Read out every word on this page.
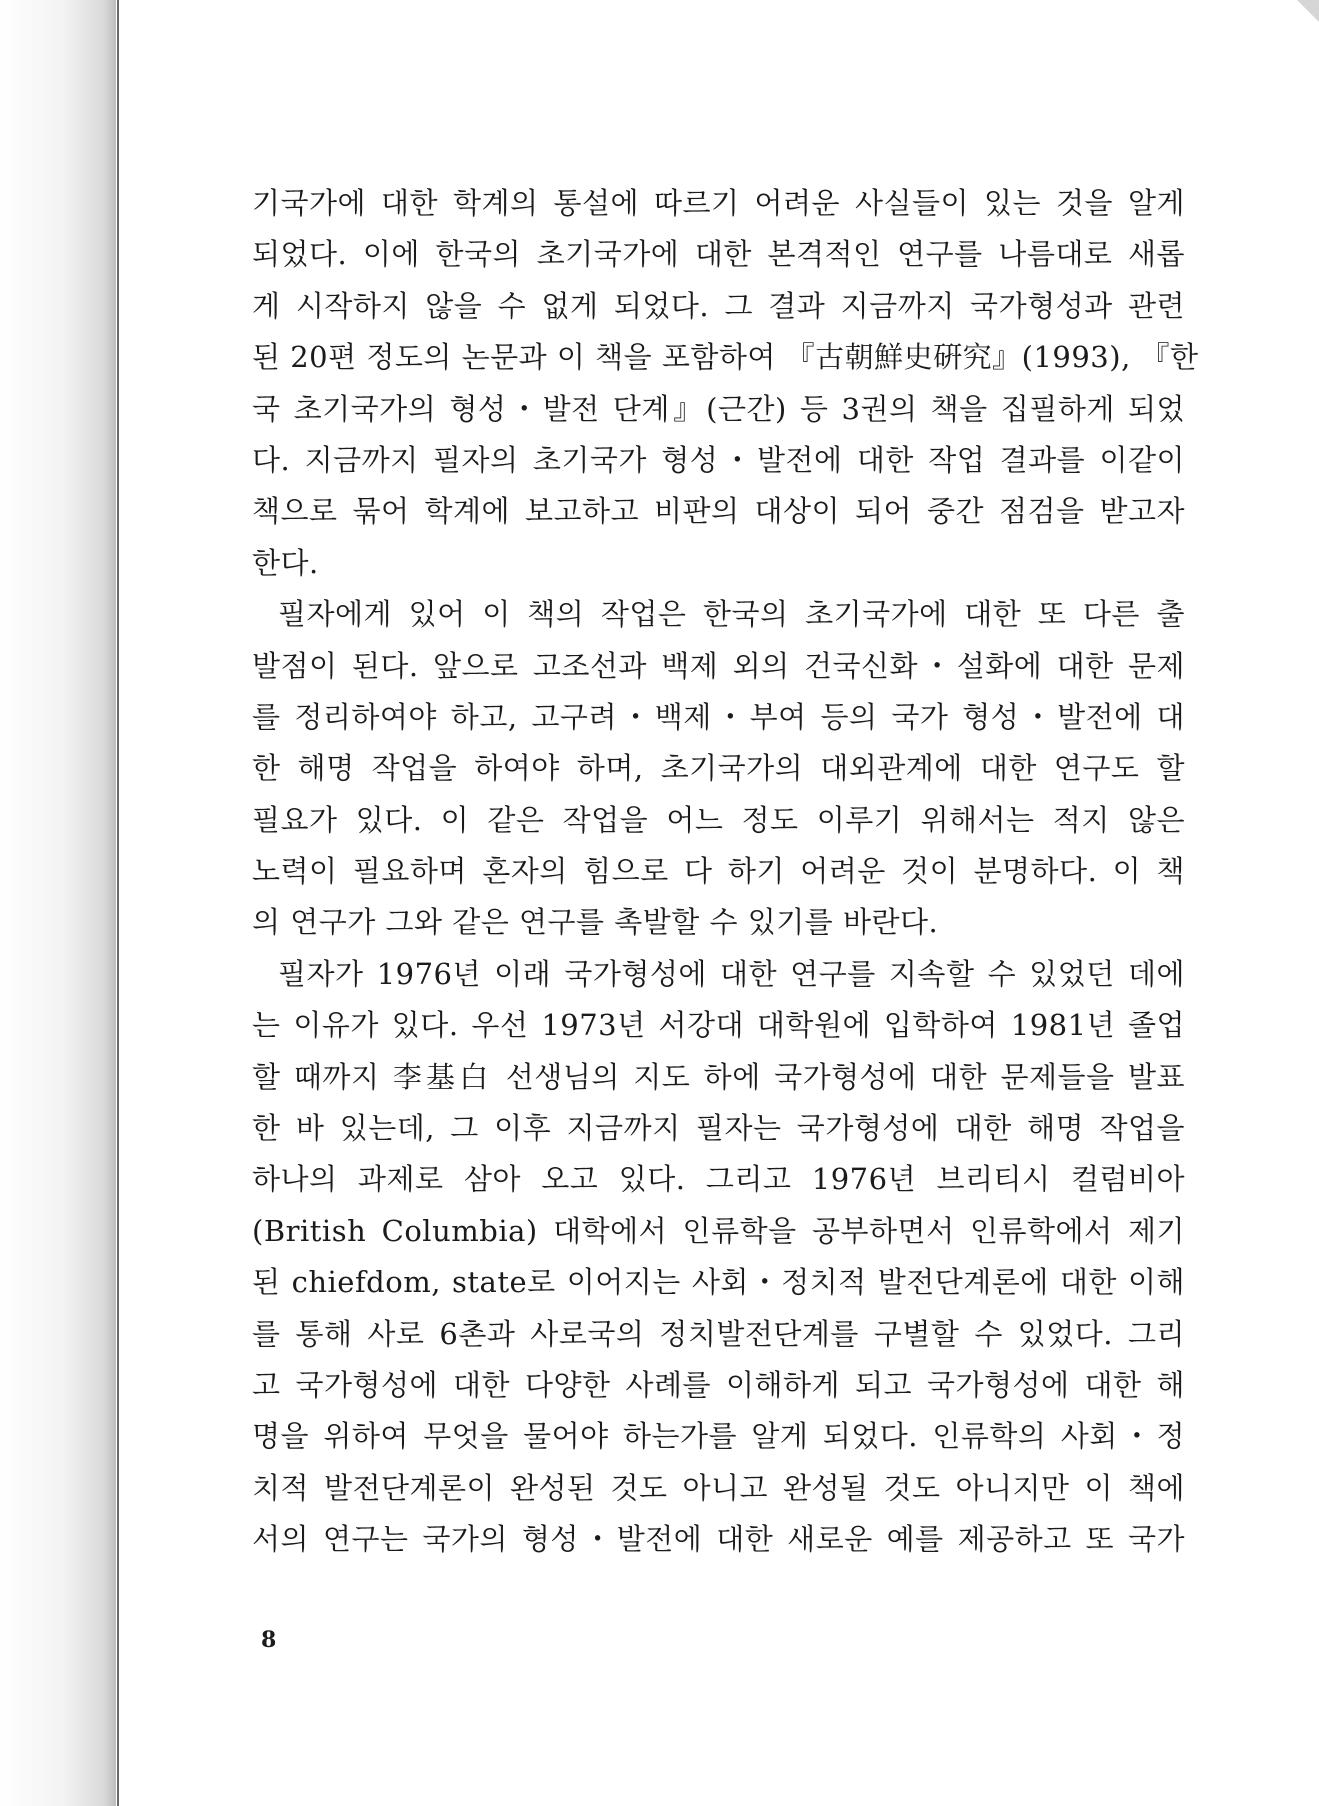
기국가에 대한 학계의 통설에 따르기 어려운 사실들이 있는 것을 알게
되었다. 이에 한국의 초기국가에 대한 본격적인 연구를 나름대로 새롭
게 시작하지 않을 수 없게 되었다. 그 결과 지금까지 국가형성과 관련
된 20편 정도의 논문과 이 책을 포함하여 『古朝鮮史硏究』(1993), 『한
국 초기국가의 형성・발전 단계』(근간) 등 3권의 책을 집필하게 되었
다. 지금까지 필자의 초기국가 형성・발전에 대한 작업 결과를 이같이
책으로 묶어 학계에 보고하고 비판의 대상이 되어 중간 점검을 받고자
한다.
필자에게 있어 이 책의 작업은 한국의 초기국가에 대한 또 다른 출
발점이 된다. 앞으로 고조선과 백제 외의 건국신화・설화에 대한 문제
를 정리하여야 하고, 고구려・백제・부여 등의 국가 형성・발전에 대
한 해명 작업을 하여야 하며, 초기국가의 대외관계에 대한 연구도 할
필요가 있다. 이 같은 작업을 어느 정도 이루기 위해서는 적지 않은
노력이 필요하며 혼자의 힘으로 다 하기 어려운 것이 분명하다. 이 책
의 연구가 그와 같은 연구를 촉발할 수 있기를 바란다.
필자가 1976년 이래 국가형성에 대한 연구를 지속할 수 있었던 데에
는 이유가 있다. 우선 1973년 서강대 대학원에 입학하여 1981년 졸업
할 때까지 李基白 선생님의 지도 하에 국가형성에 대한 문제들을 발표
한 바 있는데, 그 이후 지금까지 필자는 국가형성에 대한 해명 작업을
하나의 과제로 삼아 오고 있다. 그리고 1976년 브리티시 컬럼비아
(British Columbia) 대학에서 인류학을 공부하면서 인류학에서 제기
된 chiefdom, state로 이어지는 사회・정치적 발전단계론에 대한 이해
를 통해 사로 6촌과 사로국의 정치발전단계를 구별할 수 있었다. 그리
고 국가형성에 대한 다양한 사례를 이해하게 되고 국가형성에 대한 해
명을 위하여 무엇을 물어야 하는가를 알게 되었다. 인류학의 사회・정
치적 발전단계론이 완성된 것도 아니고 완성될 것도 아니지만 이 책에
서의 연구는 국가의 형성・발전에 대한 새로운 예를 제공하고 또 국가
8
